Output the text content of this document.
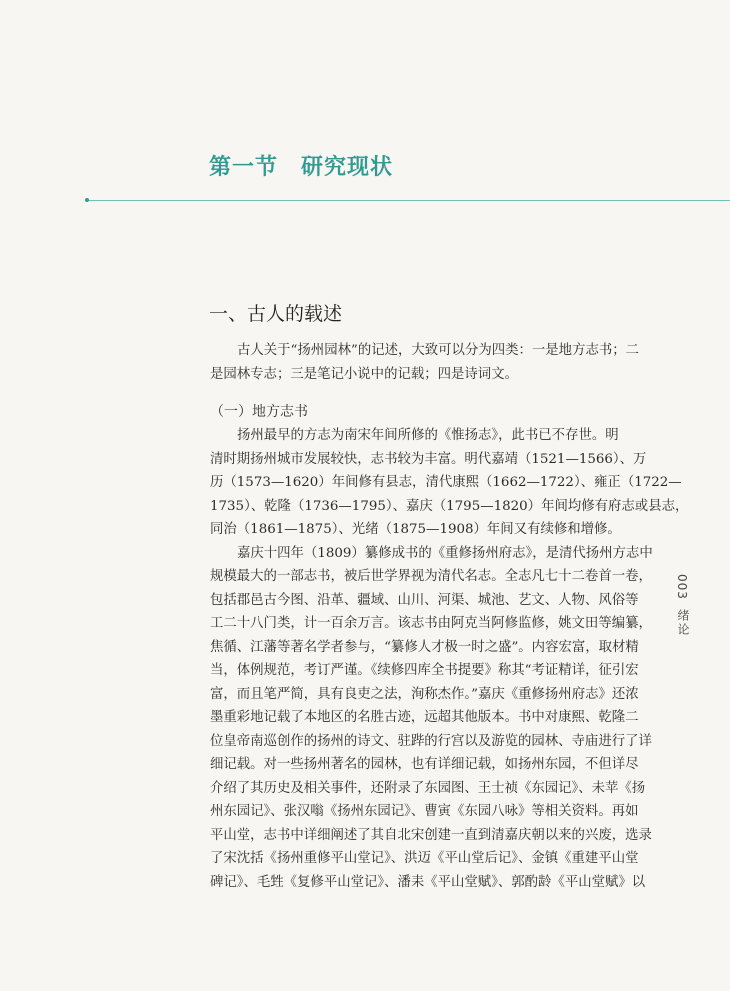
第一节　研究现状
一、古人的载述
古人关于“扬州园林”的记述，大致可以分为四类：一是地方志书；二
是园林专志；三是笔记小说中的记载；四是诗词文。
（一）地方志书
扬州最早的方志为南宋年间所修的《惟扬志》，此书已不存世。明
清时期扬州城市发展较快，志书较为丰富。明代嘉靖（1521—1566）、万
历（1573—1620）年间修有县志，清代康熙（1662—1722）、雍正（1722—
1735）、乾隆（1736—1795）、嘉庆（1795—1820）年间均修有府志或县志，
同治（1861—1875）、光绪（1875—1908）年间又有续修和增修。
嘉庆十四年（1809）纂修成书的《重修扬州府志》，是清代扬州方志中
规模最大的一部志书，被后世学界视为清代名志。全志凡七十二卷首一卷，
包括郡邑古今图、沿革、疆域、山川、河渠、城池、艺文、人物、风俗等
工二十八门类，计一百余万言。该志书由阿克当阿修监修，姚文田等编纂，
焦循、江藩等著名学者参与，“纂修人才极一时之盛”。内容宏富，取材精
当，体例规范，考订严谨。《续修四库全书提要》称其“考证精详，征引宏
富，而且笔严简，具有良吏之法，洵称杰作。”嘉庆《重修扬州府志》还浓
墨重彩地记载了本地区的名胜古迹，远超其他版本。书中对康熙、乾隆二
位皇帝南巡创作的扬州的诗文、驻跸的行宫以及游览的园林、寺庙进行了详
细记载。对一些扬州著名的园林，也有详细记载，如扬州东园，不但详尽
介绍了其历史及相关事件，还附录了东园图、王士祯《东园记》、未苹《扬
州东园记》、张汉嗡《扬州东园记》、曹寅《东园八咏》等相关资料。再如
平山堂，志书中详细阐述了其自北宋创建一直到清嘉庆朝以来的兴废，选录
了宋沈括《扬州重修平山堂记》、洪迈《平山堂后记》、金镇《重建平山堂
碑记》、毛甡《复修平山堂记》、潘耒《平山堂赋》、郭酌龄《平山堂赋》以
003
绪论
